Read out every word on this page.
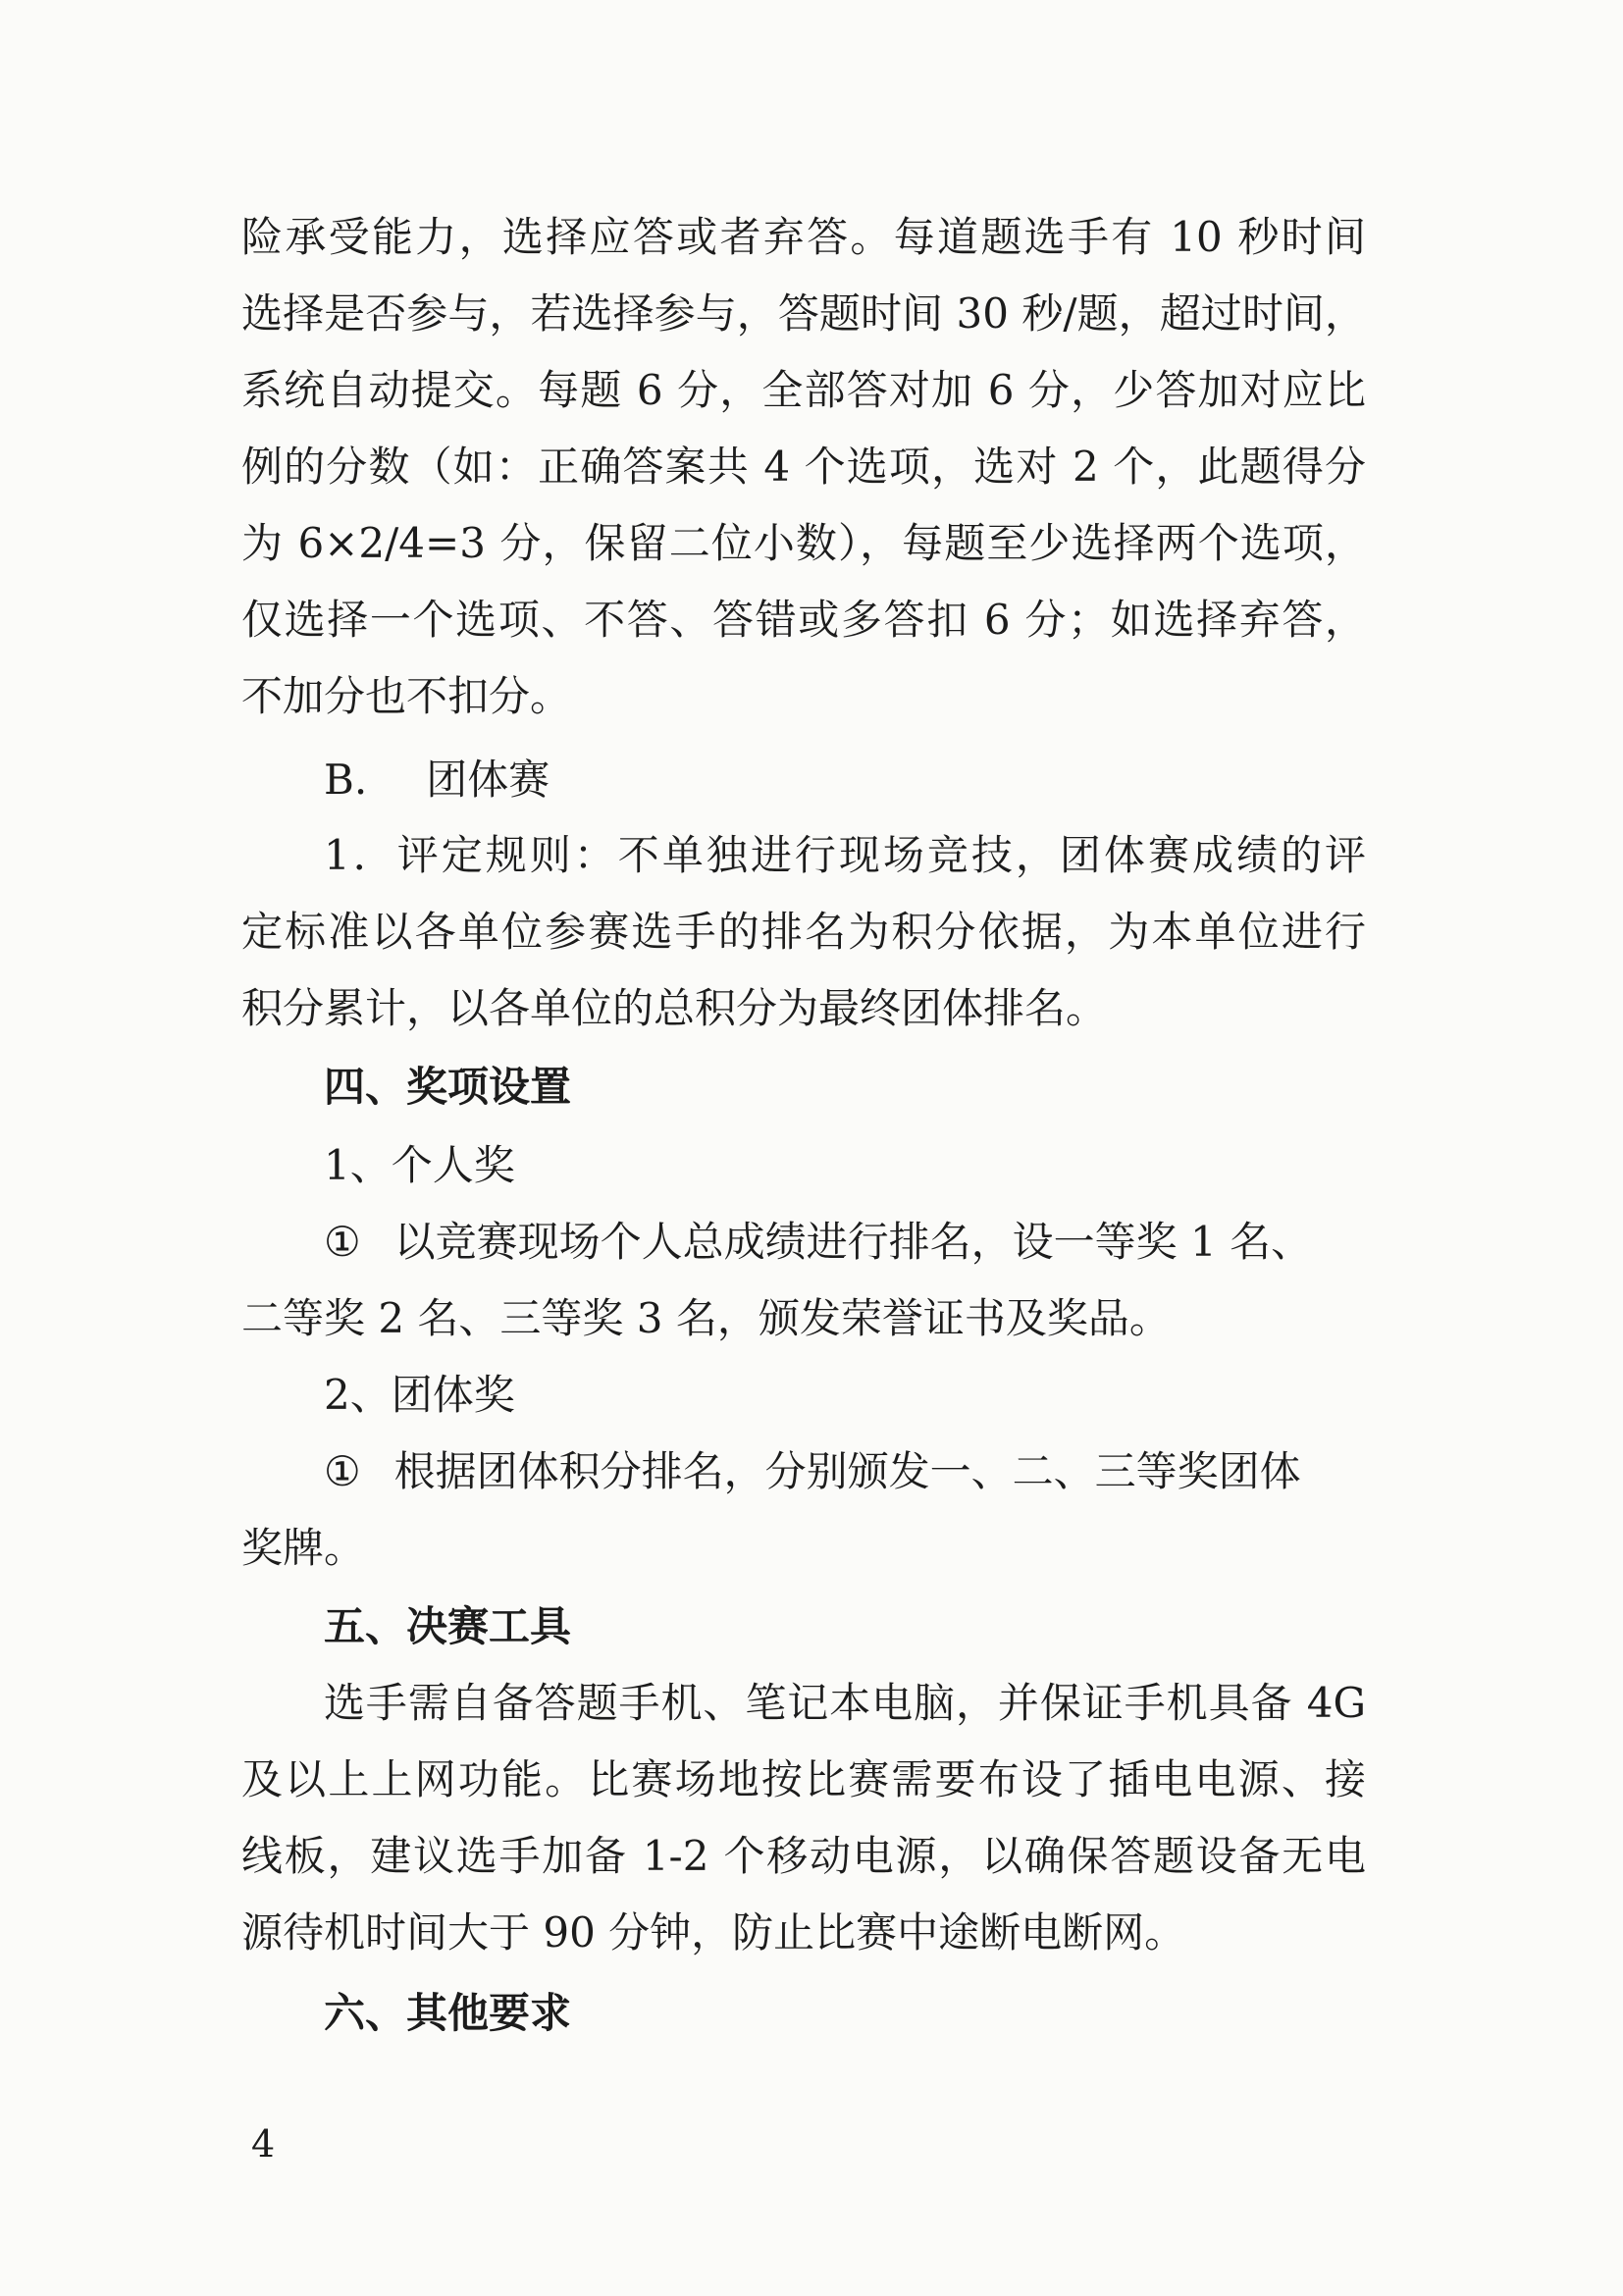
险承受能力，选择应答或者弃答。每道题选手有 10 秒时间
选择是否参与，若选择参与，答题时间 30 秒/题，超过时间，
系统自动提交。每题 6 分，全部答对加 6 分，少答加对应比
例的分数（如：正确答案共 4 个选项，选对 2 个，此题得分
为 6×2/4=3 分，保留二位小数），每题至少选择两个选项，
仅选择一个选项、不答、答错或多答扣 6 分；如选择弃答，
不加分也不扣分。
B. 团体赛
1．评定规则：不单独进行现场竞技，团体赛成绩的评
定标准以各单位参赛选手的排名为积分依据，为本单位进行
积分累计，以各单位的总积分为最终团体排名。
四、奖项设置
1、个人奖
① 以竞赛现场个人总成绩进行排名，设一等奖 1 名、
二等奖 2 名、三等奖 3 名，颁发荣誉证书及奖品。
2、团体奖
① 根据团体积分排名，分别颁发一、二、三等奖团体
奖牌。
五、决赛工具
选手需自备答题手机、笔记本电脑，并保证手机具备 4G
及以上上网功能。比赛场地按比赛需要布设了插电电源、接
线板，建议选手加备 1-2 个移动电源，以确保答题设备无电
源待机时间大于 90 分钟，防止比赛中途断电断网。
六、其他要求
4
